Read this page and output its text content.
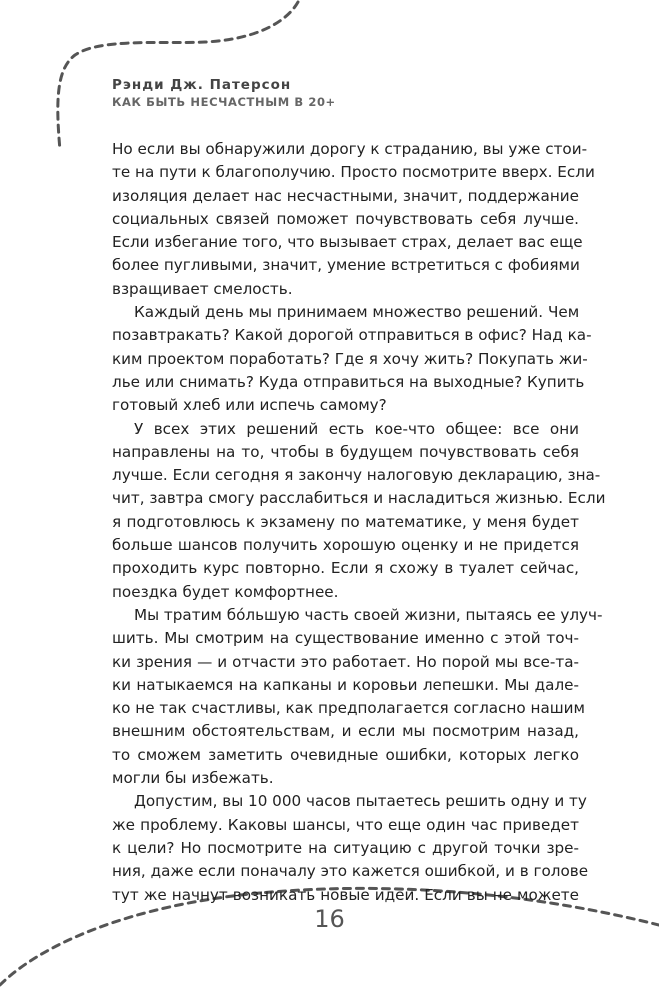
Рэнди Дж. Патерсон
КАК БЫТЬ НЕСЧАСТНЫМ В 20+

Но если вы обнаружили дорогу к страданию, вы уже стои-
те на пути к благополучию. Просто посмотрите вверх. Если
изоляция делает нас несчастными, значит, поддержание
социальных связей поможет почувствовать себя лучше.
Если избегание того, что вызывает страх, делает вас еще
более пугливыми, значит, умение встретиться с фобиями
взращивает смелость.

Каждый день мы принимаем множество решений. Чем
позавтракать? Какой дорогой отправиться в офис? Над ка-
ким проектом поработать? Где я хочу жить? Покупать жи-
лье или снимать? Куда отправиться на выходные? Купить
готовый хлеб или испечь самому?

У всех этих решений есть кое-что общее: все они
направлены на то, чтобы в будущем почувствовать себя
лучше. Если сегодня я закончу налоговую декларацию, зна-
чит, завтра смогу расслабиться и насладиться жизнью. Если
я подготовлюсь к экзамену по математике, у меня будет
больше шансов получить хорошую оценку и не придется
проходить курс повторно. Если я схожу в туалет сейчас,
поездка будет комфортнее.

Мы тратим бо́льшую часть своей жизни, пытаясь ее улуч-
шить. Мы смотрим на существование именно с этой точ-
ки зрения — и отчасти это работает. Но порой мы все-та-
ки натыкаемся на капканы и коровьи лепешки. Мы дале-
ко не так счастливы, как предполагается согласно нашим
внешним обстоятельствам, и если мы посмотрим назад,
то сможем заметить очевидные ошибки, которых легко
могли бы избежать.

Допустим, вы 10 000 часов пытаетесь решить одну и ту
же проблему. Каковы шансы, что еще один час приведет
к цели? Но посмотрите на ситуацию с другой точки зре-
ния, даже если поначалу это кажется ошибкой, и в голове
тут же начнут возникать новые идеи. Если вы не можете

16
